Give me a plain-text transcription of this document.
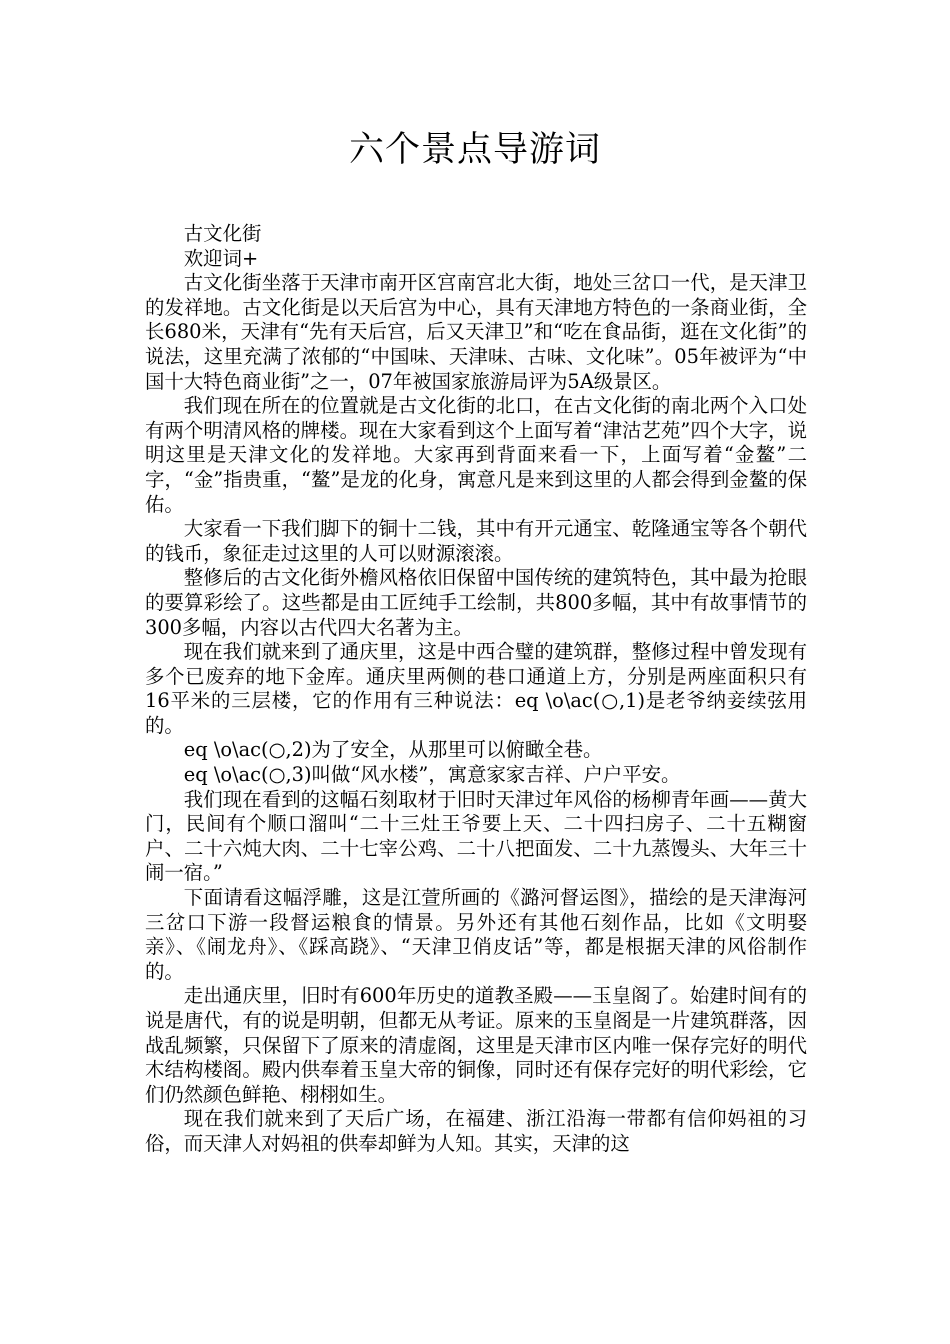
六个景点导游词

古文化街

欢迎词+

古文化街坐落于天津市南开区宫南宫北大街，地处三岔口一代，是天津卫的发祥地。古文化街是以天后宫为中心，具有天津地方特色的一条商业街，全长680米，天津有“先有天后宫，后又天津卫”和“吃在食品街，逛在文化街”的说法，这里充满了浓郁的“中国味、天津味、古味、文化味”。05年被评为“中国十大特色商业街”之一，07年被国家旅游局评为5A级景区。

我们现在所在的位置就是古文化街的北口，在古文化街的南北两个入口处有两个明清风格的牌楼。现在大家看到这个上面写着“津沽艺苑”四个大字，说明这里是天津文化的发祥地。大家再到背面来看一下，上面写着“金鳌”二字，“金”指贵重，“鳌”是龙的化身，寓意凡是来到这里的人都会得到金鳌的保佑。

大家看一下我们脚下的铜十二钱，其中有开元通宝、乾隆通宝等各个朝代的钱币，象征走过这里的人可以财源滚滚。

整修后的古文化街外檐风格依旧保留中国传统的建筑特色，其中最为抢眼的要算彩绘了。这些都是由工匠纯手工绘制，共800多幅，其中有故事情节的300多幅，内容以古代四大名著为主。

现在我们就来到了通庆里，这是中西合璧的建筑群，整修过程中曾发现有多个已废弃的地下金库。通庆里两侧的巷口通道上方，分别是两座面积只有16平米的三层楼，它的作用有三种说法：eq \o\ac(○,1)是老爷纳妾续弦用的。

eq \o\ac(○,2)为了安全，从那里可以俯瞰全巷。

eq \o\ac(○,3)叫做“风水楼”，寓意家家吉祥、户户平安。

我们现在看到的这幅石刻取材于旧时天津过年风俗的杨柳青年画——黄大门，民间有个顺口溜叫“二十三灶王爷要上天、二十四扫房子、二十五糊窗户、二十六炖大肉、二十七宰公鸡、二十八把面发、二十九蒸馒头、大年三十闹一宿。”

下面请看这幅浮雕，这是江萱所画的《潞河督运图》，描绘的是天津海河三岔口下游一段督运粮食的情景。另外还有其他石刻作品，比如《文明娶亲》、《闹龙舟》、《踩高跷》、“天津卫俏皮话”等，都是根据天津的风俗制作的。

走出通庆里，旧时有600年历史的道教圣殿——玉皇阁了。始建时间有的说是唐代，有的说是明朝，但都无从考证。原来的玉皇阁是一片建筑群落，因战乱频繁，只保留下了原来的清虚阁，这里是天津市区内唯一保存完好的明代木结构楼阁。殿内供奉着玉皇大帝的铜像，同时还有保存完好的明代彩绘，它们仍然颜色鲜艳、栩栩如生。

现在我们就来到了天后广场，在福建、浙江沿海一带都有信仰妈祖的习俗，而天津人对妈祖的供奉却鲜为人知。其实，天津的这
